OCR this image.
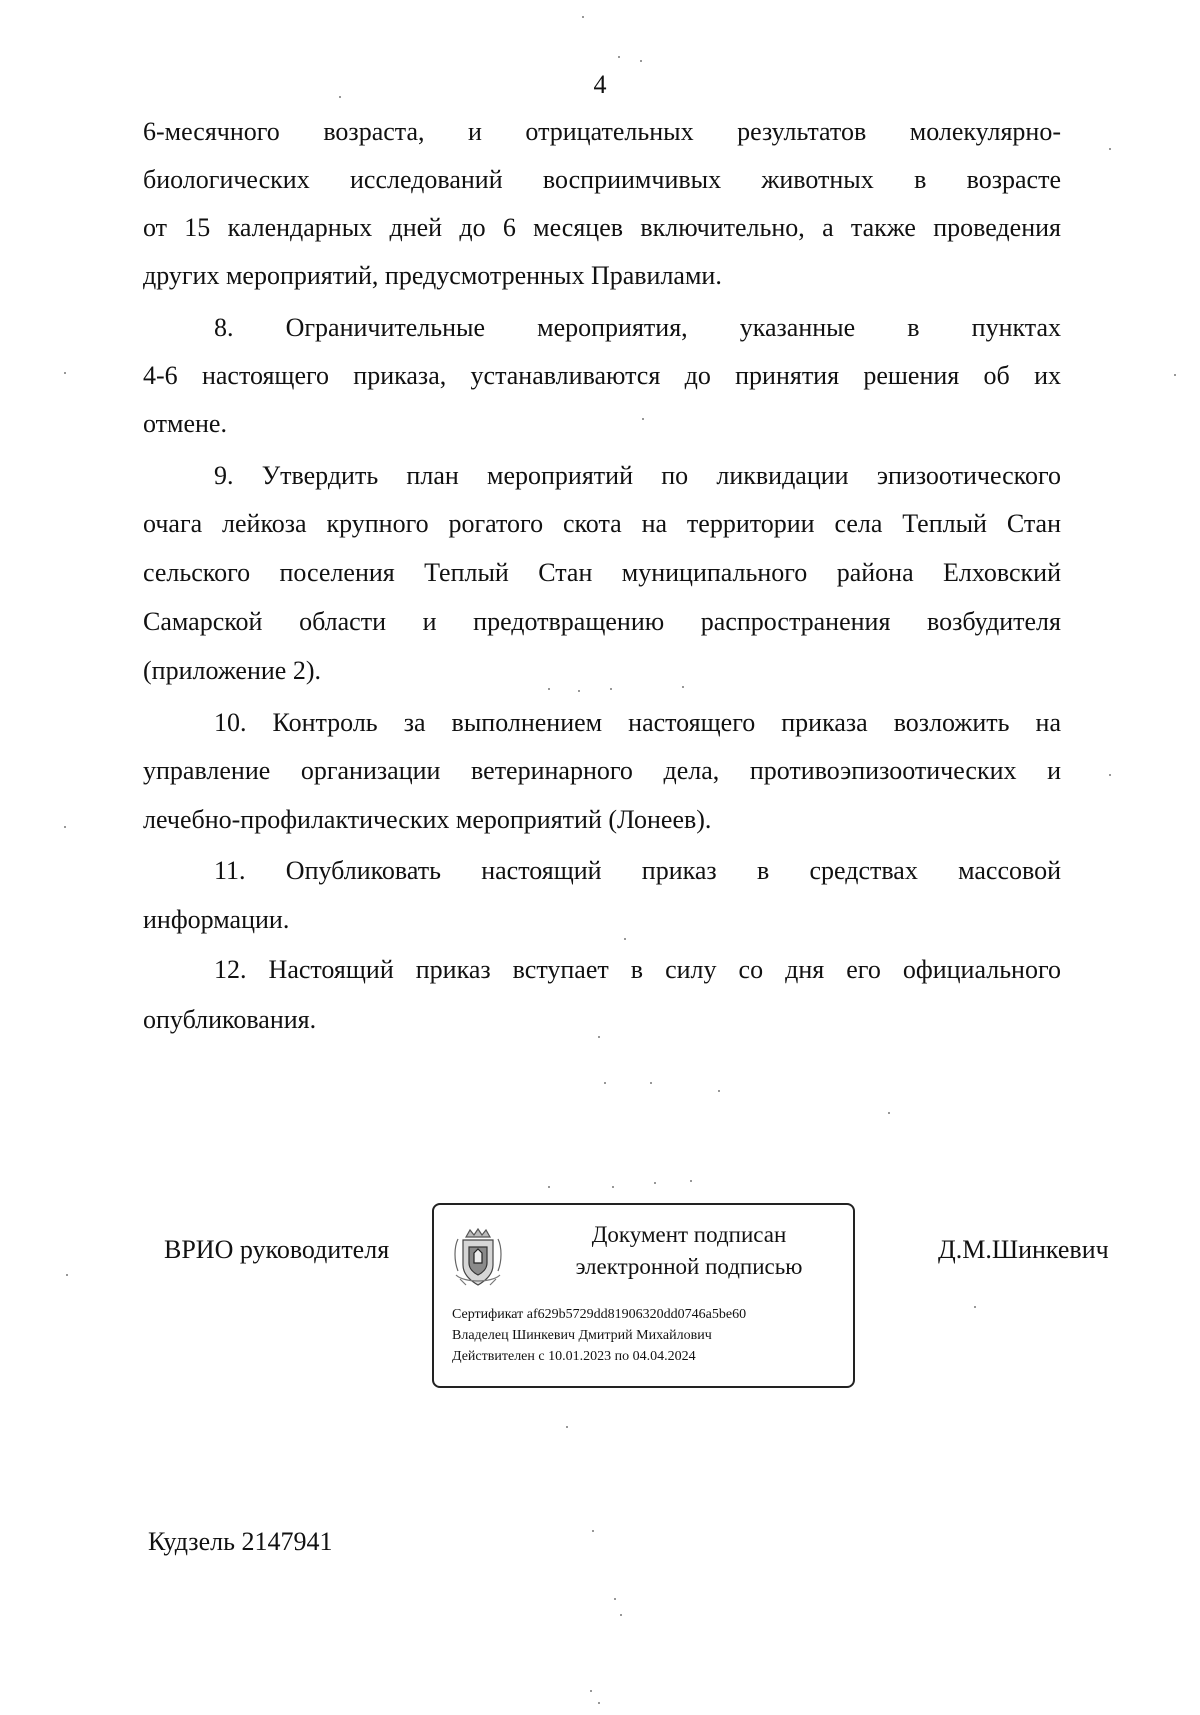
4
6-месячного возраста, и отрицательных результатов молекулярно-
биологических исследований восприимчивых животных в возрасте
от 15 календарных дней до 6 месяцев включительно, а также проведения
других мероприятий, предусмотренных Правилами.
8. Ограничительные мероприятия, указанные в пунктах
4-6 настоящего приказа, устанавливаются до принятия решения об их
отмене.
9. Утвердить план мероприятий по ликвидации эпизоотического
очага лейкоза крупного рогатого скота на территории села Теплый Стан
сельского поселения Теплый Стан муниципального района Елховский
Самарской области и предотвращению распространения возбудителя
(приложение 2).
10. Контроль за выполнением настоящего приказа возложить на
управление организации ветеринарного дела, противоэпизоотических и
лечебно-профилактических мероприятий (Лонеев).
11. Опубликовать настоящий приказ в средствах массовой
информации.
12. Настоящий приказ вступает в силу со дня его официального
опубликования.
ВРИО руководителя
Документ подписан
электронной подписью
Сертификат af629b5729dd81906320dd0746a5be60
Владелец Шинкевич Дмитрий Михайлович
Действителен с 10.01.2023 по 04.04.2024
Д.М.Шинкевич
Кудзель 2147941
